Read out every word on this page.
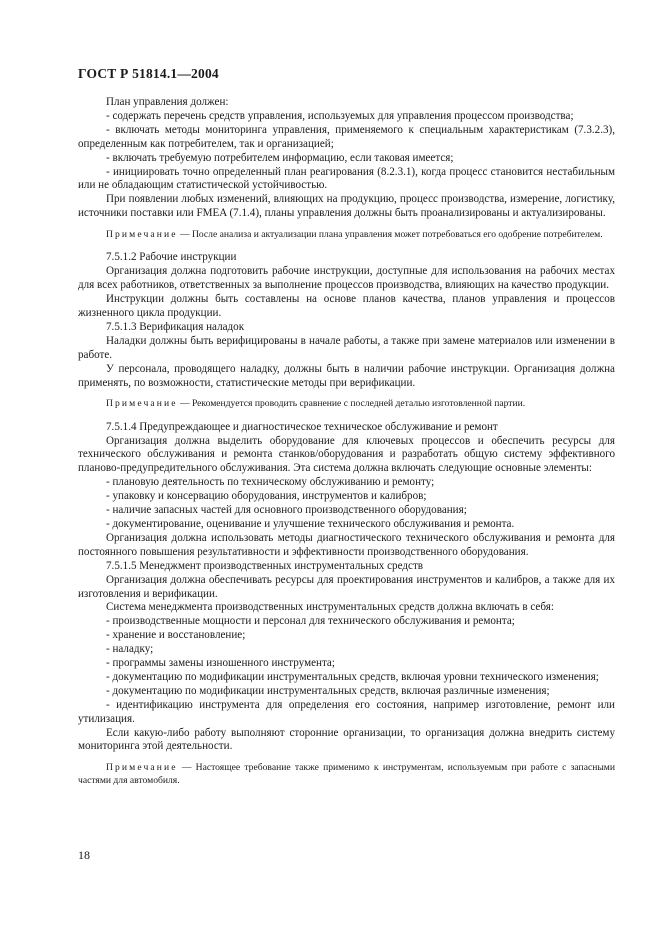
ГОСТ Р 51814.1—2004

План управления должен:

- содержать перечень средств управления, используемых для управления процессом производства;

- включать методы мониторинга управления, применяемого к специальным характеристикам (7.3.2.3), определенным как потребителем, так и организацией;

- включать требуемую потребителем информацию, если таковая имеется;

- инициировать точно определенный план реагирования (8.2.3.1), когда процесс становится нестабильным или не обладающим статистической устойчивостью.

При появлении любых изменений, влияющих на продукцию, процесс производства, измерение, логистику, источники поставки или FMEA (7.1.4), планы управления должны быть проанализированы и актуализированы.

Примечание — После анализа и актуализации плана управления может потребоваться его одобрение потребителем.

7.5.1.2 Рабочие инструкции

Организация должна подготовить рабочие инструкции, доступные для использования на рабочих местах для всех работников, ответственных за выполнение процессов производства, влияющих на качество продукции.

Инструкции должны быть составлены на основе планов качества, планов управления и процессов жизненного цикла продукции.

7.5.1.3 Верификация наладок

Наладки должны быть верифицированы в начале работы, а также при замене материалов или изменении в работе.

У персонала, проводящего наладку, должны быть в наличии рабочие инструкции. Организация должна применять, по возможности, статистические методы при верификации.

Примечание — Рекомендуется проводить сравнение с последней деталью изготовленной партии.

7.5.1.4 Предупреждающее и диагностическое техническое обслуживание и ремонт

Организация должна выделить оборудование для ключевых процессов и обеспечить ресурсы для технического обслуживания и ремонта станков/оборудования и разработать общую систему эффективного планово-предупредительного обслуживания. Эта система должна включать следующие основные элементы:

- плановую деятельность по техническому обслуживанию и ремонту;

- упаковку и консервацию оборудования, инструментов и калибров;

- наличие запасных частей для основного производственного оборудования;

- документирование, оценивание и улучшение технического обслуживания и ремонта.

Организация должна использовать методы диагностического технического обслуживания и ремонта для постоянного повышения результативности и эффективности производственного оборудования.

7.5.1.5 Менеджмент производственных инструментальных средств

Организация должна обеспечивать ресурсы для проектирования инструментов и калибров, а также для их изготовления и верификации.

Система менеджмента производственных инструментальных средств должна включать в себя:

- производственные мощности и персонал для технического обслуживания и ремонта;

- хранение и восстановление;

- наладку;

- программы замены изношенного инструмента;

- документацию по модификации инструментальных средств, включая уровни технического изменения;

- документацию по модификации инструментальных средств, включая различные изменения;

- идентификацию инструмента для определения его состояния, например изготовление, ремонт или утилизация.

Если какую-либо работу выполняют сторонние организации, то организация должна внедрить систему мониторинга этой деятельности.

Примечание — Настоящее требование также применимо к инструментам, используемым при работе с запасными частями для автомобиля.

18
